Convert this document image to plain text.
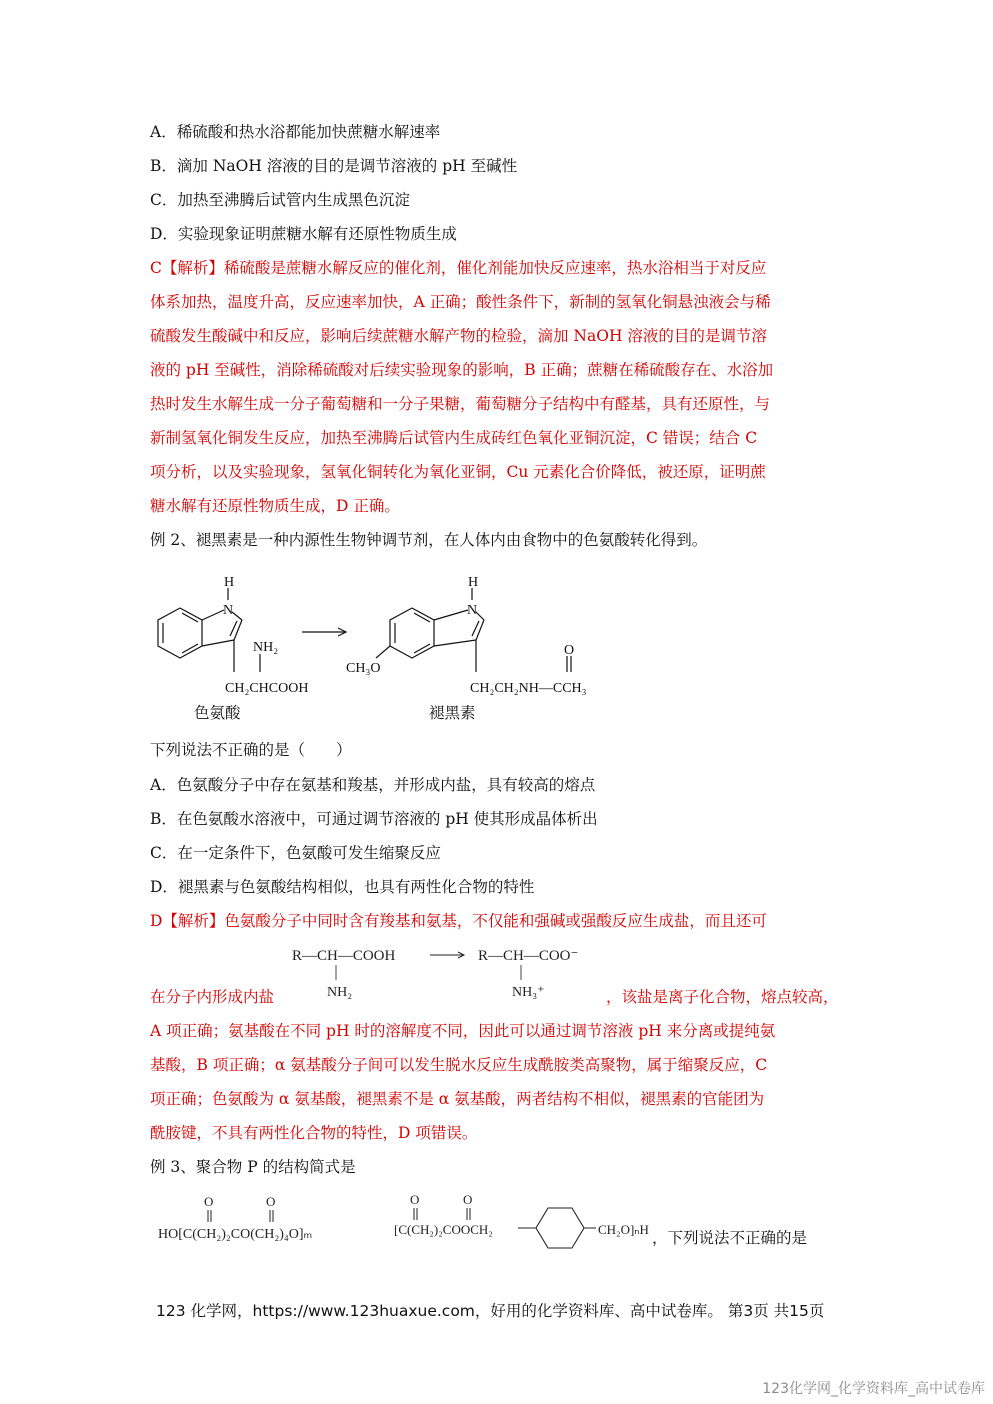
A．稀硫酸和热水浴都能加快蔗糖水解速率
B．滴加 NaOH 溶液的目的是调节溶液的 pH 至碱性
C．加热至沸腾后试管内生成黑色沉淀
D．实验现象证明蔗糖水解有还原性物质生成
C【解析】稀硫酸是蔗糖水解反应的催化剂，催化剂能加快反应速率，热水浴相当于对反应
体系加热，温度升高，反应速率加快，A 正确；酸性条件下，新制的氢氧化铜悬浊液会与稀
硫酸发生酸碱中和反应，影响后续蔗糖水解产物的检验，滴加 NaOH 溶液的目的是调节溶
液的 pH 至碱性，消除稀硫酸对后续实验现象的影响，B 正确；蔗糖在稀硫酸存在、水浴加
热时发生水解生成一分子葡萄糖和一分子果糖，葡萄糖分子结构中有醛基，具有还原性，与
新制氢氧化铜发生反应，加热至沸腾后试管内生成砖红色氧化亚铜沉淀，C 错误；结合 C
项分析，以及实验现象，氢氧化铜转化为氧化亚铜，Cu 元素化合价降低，被还原，证明蔗
糖水解有还原性物质生成，D 正确。
例 2、褪黑素是一种内源性生物钟调节剂，在人体内由食物中的色氨酸转化得到。
H
N
NH₂
CH₂CHCOOH
H
N
CH₃O
O
CH₂CH₂NH—CCH₃
色氨酸	褪黑素
下列说法不正确的是（　　）
A．色氨酸分子中存在氨基和羧基，并形成内盐，具有较高的熔点
B．在色氨酸水溶液中，可通过调节溶液的 pH 使其形成晶体析出
C．在一定条件下，色氨酸可发生缩聚反应
D．褪黑素与色氨酸结构相似，也具有两性化合物的特性
D【解析】色氨酸分子中同时含有羧基和氨基，不仅能和强碱或强酸反应生成盐，而且还可
在分子内形成内盐
R—CH—COOH
NH₂
R—CH—COO⁻
NH₃⁺	，该盐是离子化合物，熔点较高，
A 项正确；氨基酸在不同 pH 时的溶解度不同，因此可以通过调节溶液 pH 来分离或提纯氨
基酸，B 项正确；α 氨基酸分子间可以发生脱水反应生成酰胺类高聚物，属于缩聚反应，C
项正确；色氨酸为 α 氨基酸，褪黑素不是 α 氨基酸，两者结构不相似，褪黑素的官能团为
酰胺键，不具有两性化合物的特性，D 项错误。
例 3、聚合物 P 的结构简式是
O	O
HO[C(CH₂)₂CO(CH₂)₄O]ₘ
O	O
[C(CH₂)₂COOCH₂	CH₂O]ₙH ，下列说法不正确的是
123 化学网，https://www.123huaxue.com，好用的化学资料库、高中试卷库。 第3页 共15页
123化学网_化学资料库_高中试卷库
